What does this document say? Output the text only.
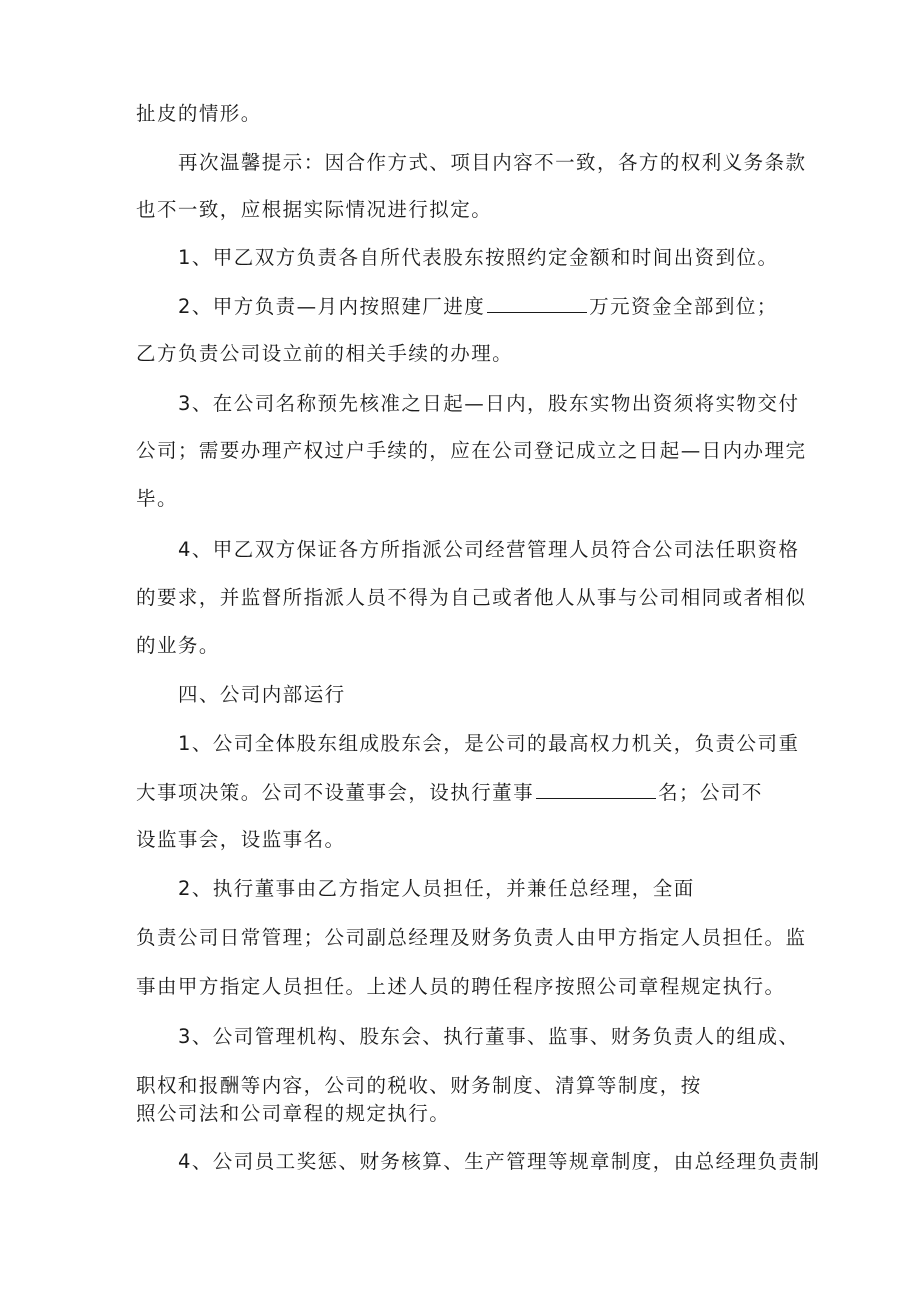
扯皮的情形。
再次温馨提示：因合作方式、项目内容不一致，各方的权利义务条款
也不一致，应根据实际情况进行拟定。
1、甲乙双方负责各自所代表股东按照约定金额和时间出资到位。
2、甲方负责—月内按照建厂进度	万元资金全部到位；
乙方负责公司设立前的相关手续的办理。
3、在公司名称预先核准之日起—日内，股东实物出资须将实物交付
公司；需要办理产权过户手续的，应在公司登记成立之日起—日内办理完
毕。
4、甲乙双方保证各方所指派公司经营管理人员符合公司法任职资格
的要求，并监督所指派人员不得为自己或者他人从事与公司相同或者相似
的业务。
四、公司内部运行
1、公司全体股东组成股东会，是公司的最高权力机关，负责公司重
大事项决策。公司不设董事会，设执行董事	名；公司不
设监事会，设监事名。
2、执行董事由乙方指定人员担任，并兼任总经理，全面
负责公司日常管理；公司副总经理及财务负责人由甲方指定人员担任。监
事由甲方指定人员担任。上述人员的聘任程序按照公司章程规定执行。
3、公司管理机构、股东会、执行董事、监事、财务负责人的组成、
职权和报酬等内容，公司的税收、财务制度、清算等制度，按
照公司法和公司章程的规定执行。
4、公司员工奖惩、财务核算、生产管理等规章制度，由总经理负责制
